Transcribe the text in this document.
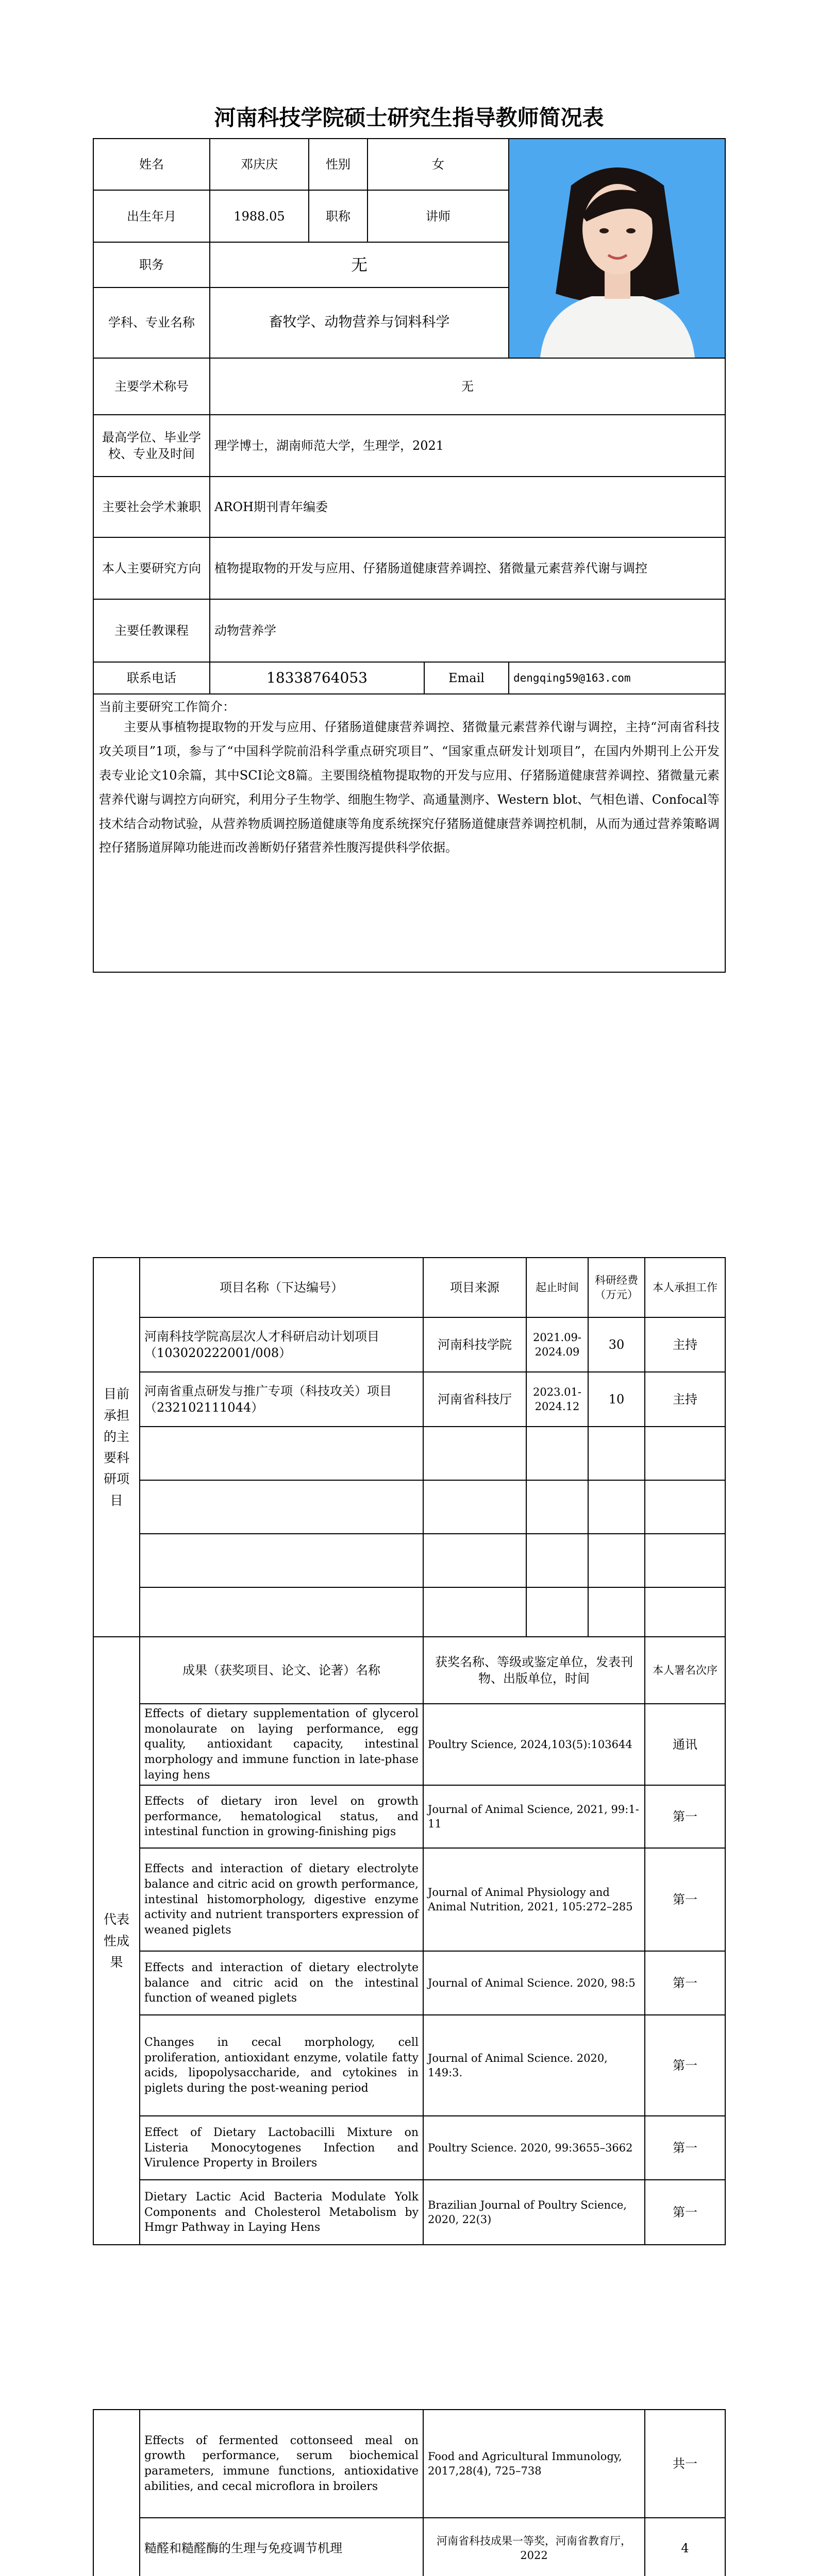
河南科技学院硕士研究生指导教师简况表
姓名	邓庆庆	性别	女	

出生年月	1988.05	职称	讲师		
职务	无				
学科、专业名称	畜牧学、动物营养与饲料科学				
主要学术称号	无				
最高学位、毕业学校、专业及时间	理学博士，湖南师范大学，生理学，2021				
主要社会学术兼职	AROH期刊青年编委				
本人主要研究方向	植物提取物的开发与应用、仔猪肠道健康营养调控、猪微量元素营养代谢与调控				
主要任教课程	动物营养学				
联系电话	18338764053			Email	dengqing59@163.com

当前主要研究工作简介：
主要从事植物提取物的开发与应用、仔猪肠道健康营养调控、猪微量元素营养代谢与调控，主持“河南省科技攻关项目”1项，参与了“中国科学院前沿科学重点研究项目”、“国家重点研发计划项目”，在国内外期刊上公开发表专业论文10余篇，其中SCI论文8篇。主要围绕植物提取物的开发与应用、仔猪肠道健康营养调控、猪微量元素营养代谢与调控方向研究，利用分子生物学、细胞生物学、高通量测序、Western blot、气相色谱、Confocal等技术结合动物试验，从营养物质调控肠道健康等角度系统探究仔猪肠道健康营养调控机制，从而为通过营养策略调控仔猪肠道屏障功能进而改善断奶仔猪营养性腹泻提供科学依据。					
目前承担的主要科研项目	项目名称（下达编号）	项目来源	起止时间	科研经费（万元）	本人承担工作
	河南科技学院高层次人才科研启动计划项目（103020222001/008）	河南科技学院	2021.09-2024.09	30	主持
	河南省重点研发与推广专项（科技攻关）项目（232102111044）	河南省科技厅	2023.01-2024.12	10	主持

代表性成果	成果（获奖项目、论文、论著）名称	获奖名称、等级或鉴定单位，发表刊物、出版单位，时间			本人署名次序
	Effects of dietary supplementation of glycerol monolaurate on laying performance, egg quality, antioxidant capacity, intestinal morphology and immune function in late-phase laying hens	Poultry Science, 2024,103(5):103644			通讯
	Effects of dietary iron level on growth performance, hematological status, and intestinal function in growing-finishing pigs	Journal of Animal Science, 2021, 99:1-11			第一
	Effects and interaction of dietary electrolyte balance and citric acid on growth performance, intestinal histomorphology, digestive enzyme activity and nutrient transporters expression of weaned piglets	Journal of Animal Physiology and Animal Nutrition, 2021, 105:272–285			第一
	Effects and interaction of dietary electrolyte balance and citric acid on the intestinal function of weaned piglets	Journal of Animal Science. 2020, 98:5			第一
	Changes in cecal morphology, cell proliferation, antioxidant enzyme, volatile fatty acids, lipopolysaccharide, and cytokines in piglets during the post-weaning period	Journal of Animal Science. 2020, 149:3.			第一
	Effect of Dietary Lactobacilli Mixture on Listeria Monocytogenes Infection and Virulence Property in Broilers	Poultry Science. 2020, 99:3655–3662			第一
	Dietary Lactic Acid Bacteria Modulate Yolk Components and Cholesterol Metabolism by Hmgr Pathway in Laying Hens	Brazilian Journal of Poultry Science, 2020, 22(3)			第一
	Effects of fermented cottonseed meal on growth performance, serum biochemical parameters, immune functions, antioxidative abilities, and cecal microflora in broilers	Food and Agricultural Immunology, 2017,28(4), 725–738	共一
	糙醛和糙醛酶的生理与免疫调节机理	河南省科技成果一等奖，河南省教育厅，2022	4
